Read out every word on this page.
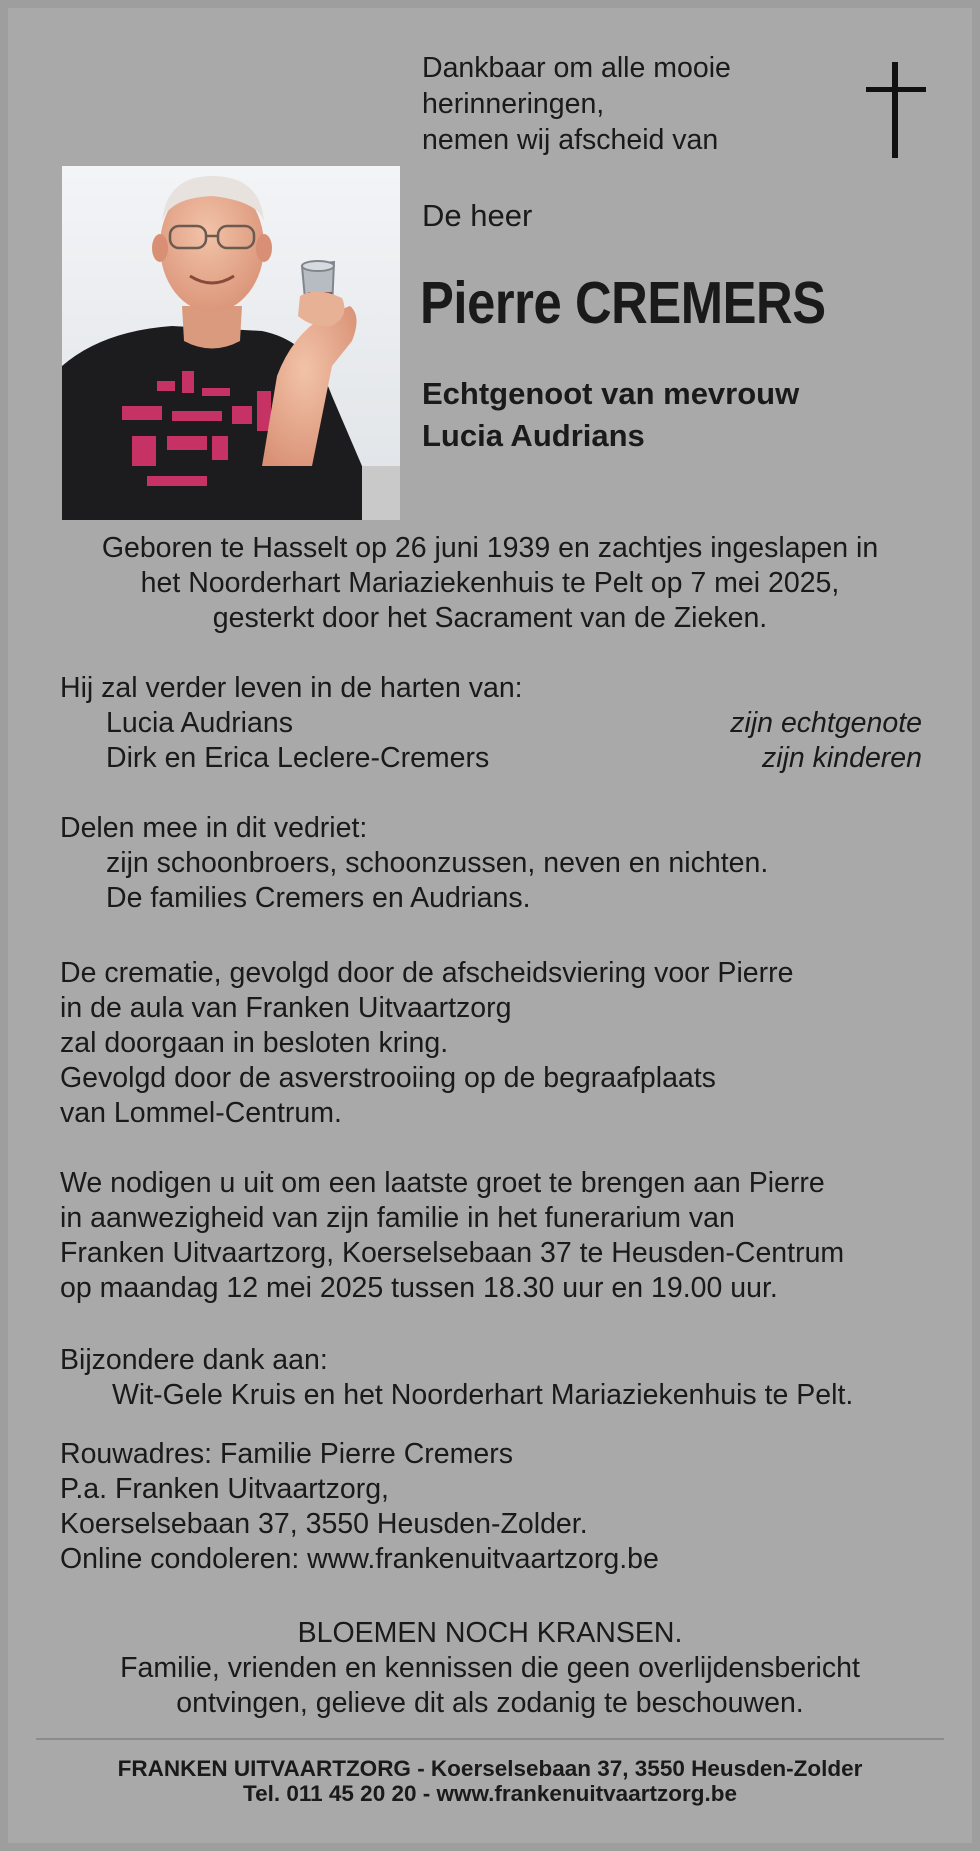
Dankbaar om alle mooie
herinneringen,
nemen wij afscheid van
De heer
Pierre CREMERS
Echtgenoot van mevrouw
Lucia Audrians
Geboren te Hasselt op 26 juni 1939 en zachtjes ingeslapen in
het Noorderhart Mariaziekenhuis te Pelt op 7 mei 2025,
gesterkt door het Sacrament van de Zieken.
Hij zal verder leven in de harten van:
Lucia Audrians	zijn echtgenote
Dirk en Erica Leclere-Cremers	zijn kinderen
Delen mee in dit vedriet:
zijn schoonbroers, schoonzussen, neven en nichten.
De families Cremers en Audrians.
De crematie, gevolgd door de afscheidsviering voor Pierre
in de aula van Franken Uitvaartzorg
zal doorgaan in besloten kring.
Gevolgd door de asverstrooiing op de begraafplaats
van Lommel-Centrum.
We nodigen u uit om een laatste groet te brengen aan Pierre
in aanwezigheid van zijn familie in het funerarium van
Franken Uitvaartzorg, Koerselsebaan 37 te Heusden-Centrum
op maandag 12 mei 2025 tussen 18.30 uur en 19.00 uur.
Bijzondere dank aan:
Wit-Gele Kruis en het Noorderhart Mariaziekenhuis te Pelt.
Rouwadres: Familie Pierre Cremers
P.a. Franken Uitvaartzorg,
Koerselsebaan 37, 3550 Heusden-Zolder.
Online condoleren: www.frankenuitvaartzorg.be
BLOEMEN NOCH KRANSEN.
Familie, vrienden en kennissen die geen overlijdensbericht
ontvingen, gelieve dit als zodanig te beschouwen.
FRANKEN UITVAARTZORG - Koerselsebaan 37, 3550 Heusden-Zolder
Tel. 011 45 20 20 - www.frankenuitvaartzorg.be
